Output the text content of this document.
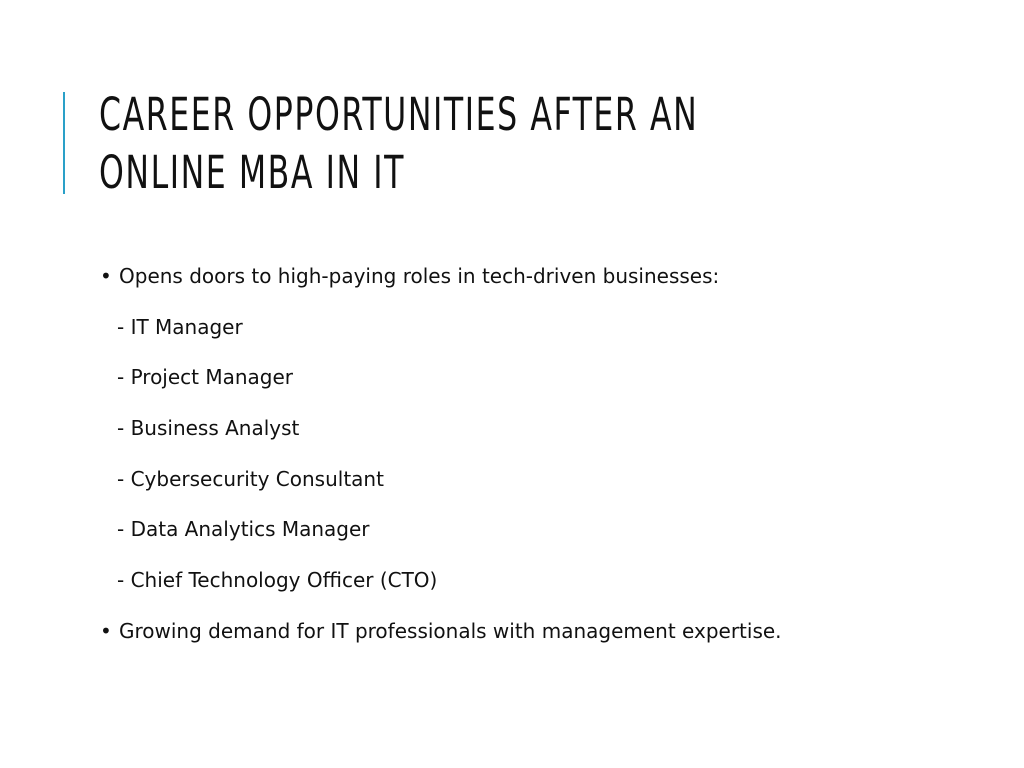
CAREER OPPORTUNITIES AFTER AN
ONLINE MBA IN IT
• Opens doors to high-paying roles in tech-driven businesses:
- IT Manager
- Project Manager
- Business Analyst
- Cybersecurity Consultant
- Data Analytics Manager
- Chief Technology Officer (CTO)
• Growing demand for IT professionals with management expertise.
